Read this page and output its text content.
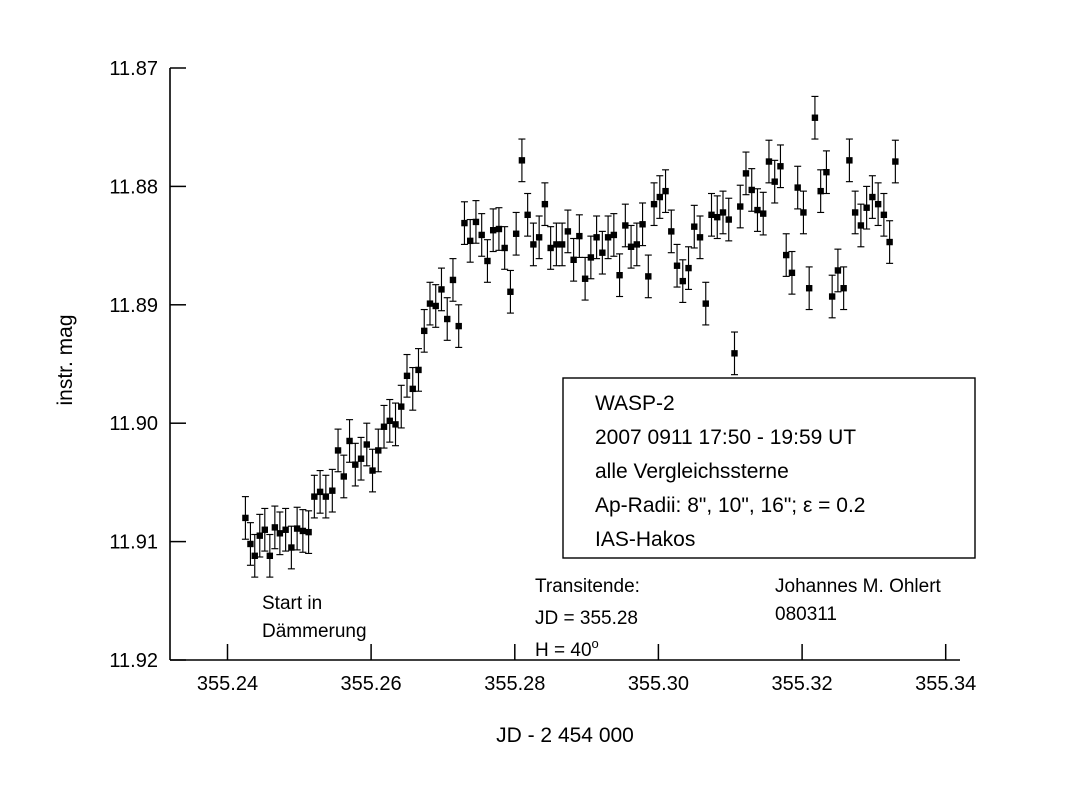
11.87
11.88
11.89
11.90
11.91
11.92
355.24	355.26	355.28	355.30	355.32	355.34
instr. mag
JD - 2 454 000
WASP-2
2007 0911 17:50 - 19:59 UT
alle Vergleichssterne
Ap-Radii: 8", 10", 16"; ε = 0.2
IAS-Hakos
Start in
Dämmerung
Transitende:
JD = 355.28
$H = 40^o$
Johannes M. Ohlert
080311
